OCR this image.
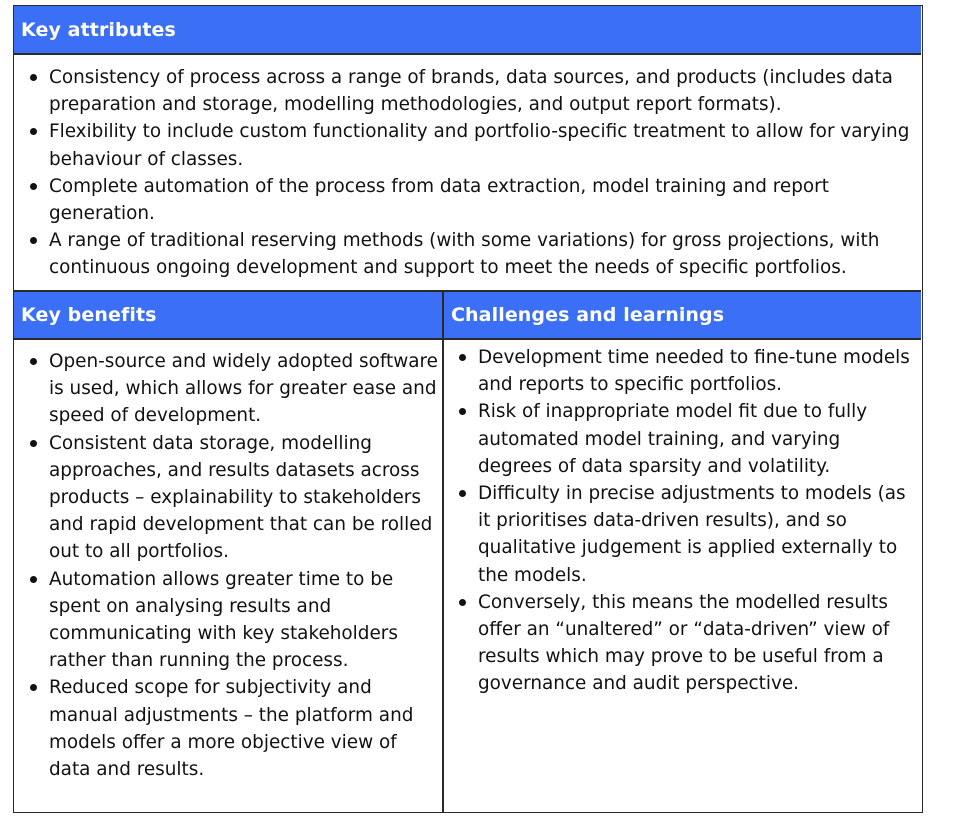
Key attributes
Consistency of process across a range of brands, data sources, and products (includes data preparation and storage, modelling methodologies, and output report formats).
Flexibility to include custom functionality and portfolio-specific treatment to allow for varying behaviour of classes.
Complete automation of the process from data extraction, model training and report generation.
A range of traditional reserving methods (with some variations) for gross projections, with continuous ongoing development and support to meet the needs of specific portfolios.
Key benefits	Challenges and learnings
Open-source and widely adopted software is used, which allows for greater ease and speed of development.
Consistent data storage, modelling approaches, and results datasets across products – explainability to stakeholders and rapid development that can be rolled out to all portfolios.
Automation allows greater time to be spent on analysing results and communicating with key stakeholders rather than running the process.
Reduced scope for subjectivity and manual adjustments – the platform and models offer a more objective view of data and results.
Development time needed to fine-tune models and reports to specific portfolios.
Risk of inappropriate model fit due to fully automated model training, and varying degrees of data sparsity and volatility.
Difficulty in precise adjustments to models (as it prioritises data-driven results), and so qualitative judgement is applied externally to the models.
Conversely, this means the modelled results offer an “unaltered” or “data-driven” view of results which may prove to be useful from a governance and audit perspective.
